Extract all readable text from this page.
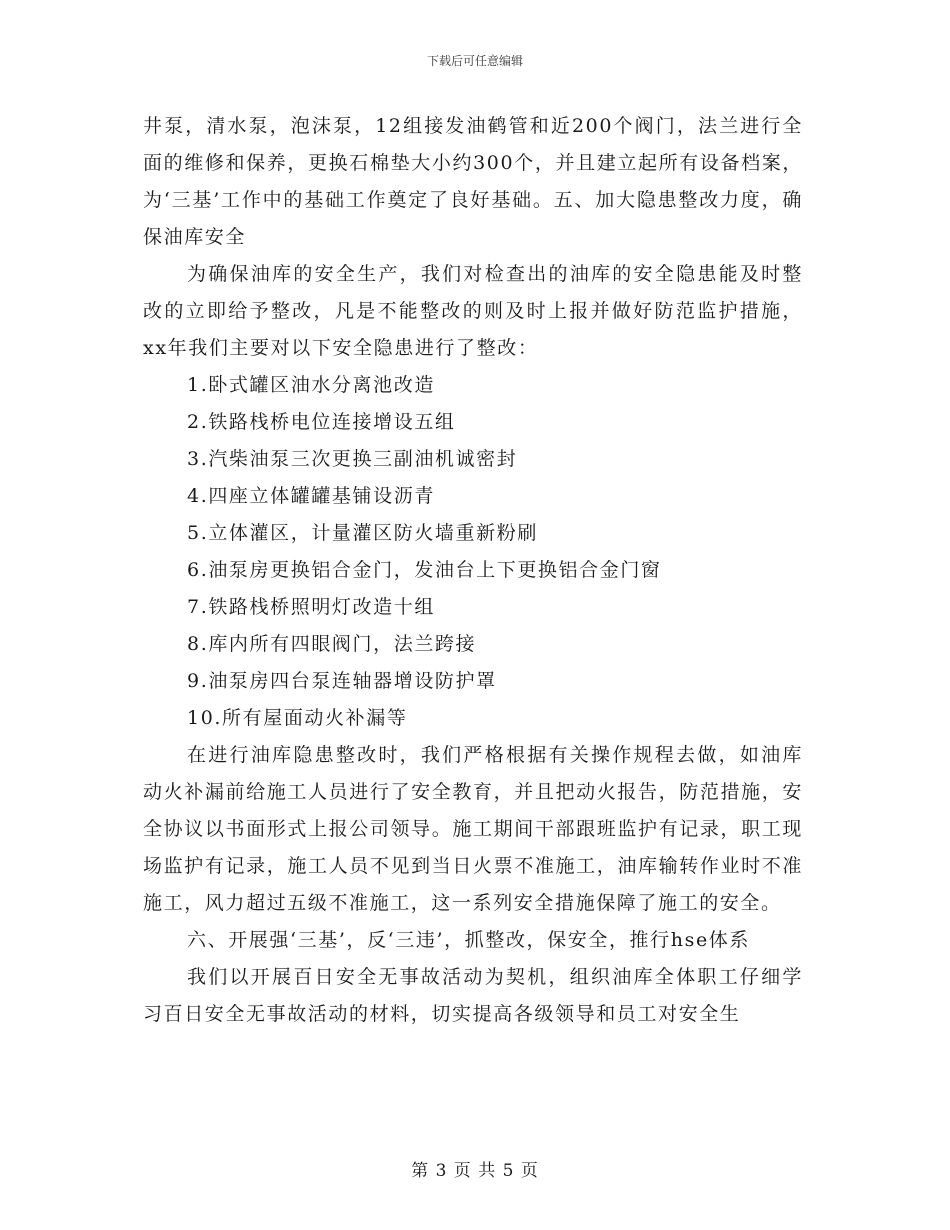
下载后可任意编辑

井泵，清水泵，泡沫泵，12组接发油鹤管和近200个阀门，法兰进行全面的维修和保养，更换石棉垫大小约300个，并且建立起所有设备档案，为‘三基’工作中的基础工作奠定了良好基础。五、加大隐患整改力度，确保油库安全

为确保油库的安全生产，我们对检查出的油库的安全隐患能及时整改的立即给予整改，凡是不能整改的则及时上报并做好防范监护措施，xx年我们主要对以下安全隐患进行了整改：

1.卧式罐区油水分离池改造

2.铁路栈桥电位连接增设五组

3.汽柴油泵三次更换三副油机诚密封

4.四座立体罐罐基铺设沥青

5.立体灌区，计量灌区防火墙重新粉刷

6.油泵房更换铝合金门，发油台上下更换铝合金门窗

7.铁路栈桥照明灯改造十组

8.库内所有四眼阀门，法兰跨接

9.油泵房四台泵连轴器增设防护罩

10.所有屋面动火补漏等

在进行油库隐患整改时，我们严格根据有关操作规程去做，如油库动火补漏前给施工人员进行了安全教育，并且把动火报告，防范措施，安全协议以书面形式上报公司领导。施工期间干部跟班监护有记录，职工现场监护有记录，施工人员不见到当日火票不准施工，油库输转作业时不准施工，风力超过五级不准施工，这一系列安全措施保障了施工的安全。

六、开展强‘三基’，反‘三违’，抓整改，保安全，推行hse体系

我们以开展百日安全无事故活动为契机，组织油库全体职工仔细学习百日安全无事故活动的材料，切实提高各级领导和员工对安全生

第 3 页 共 5 页
